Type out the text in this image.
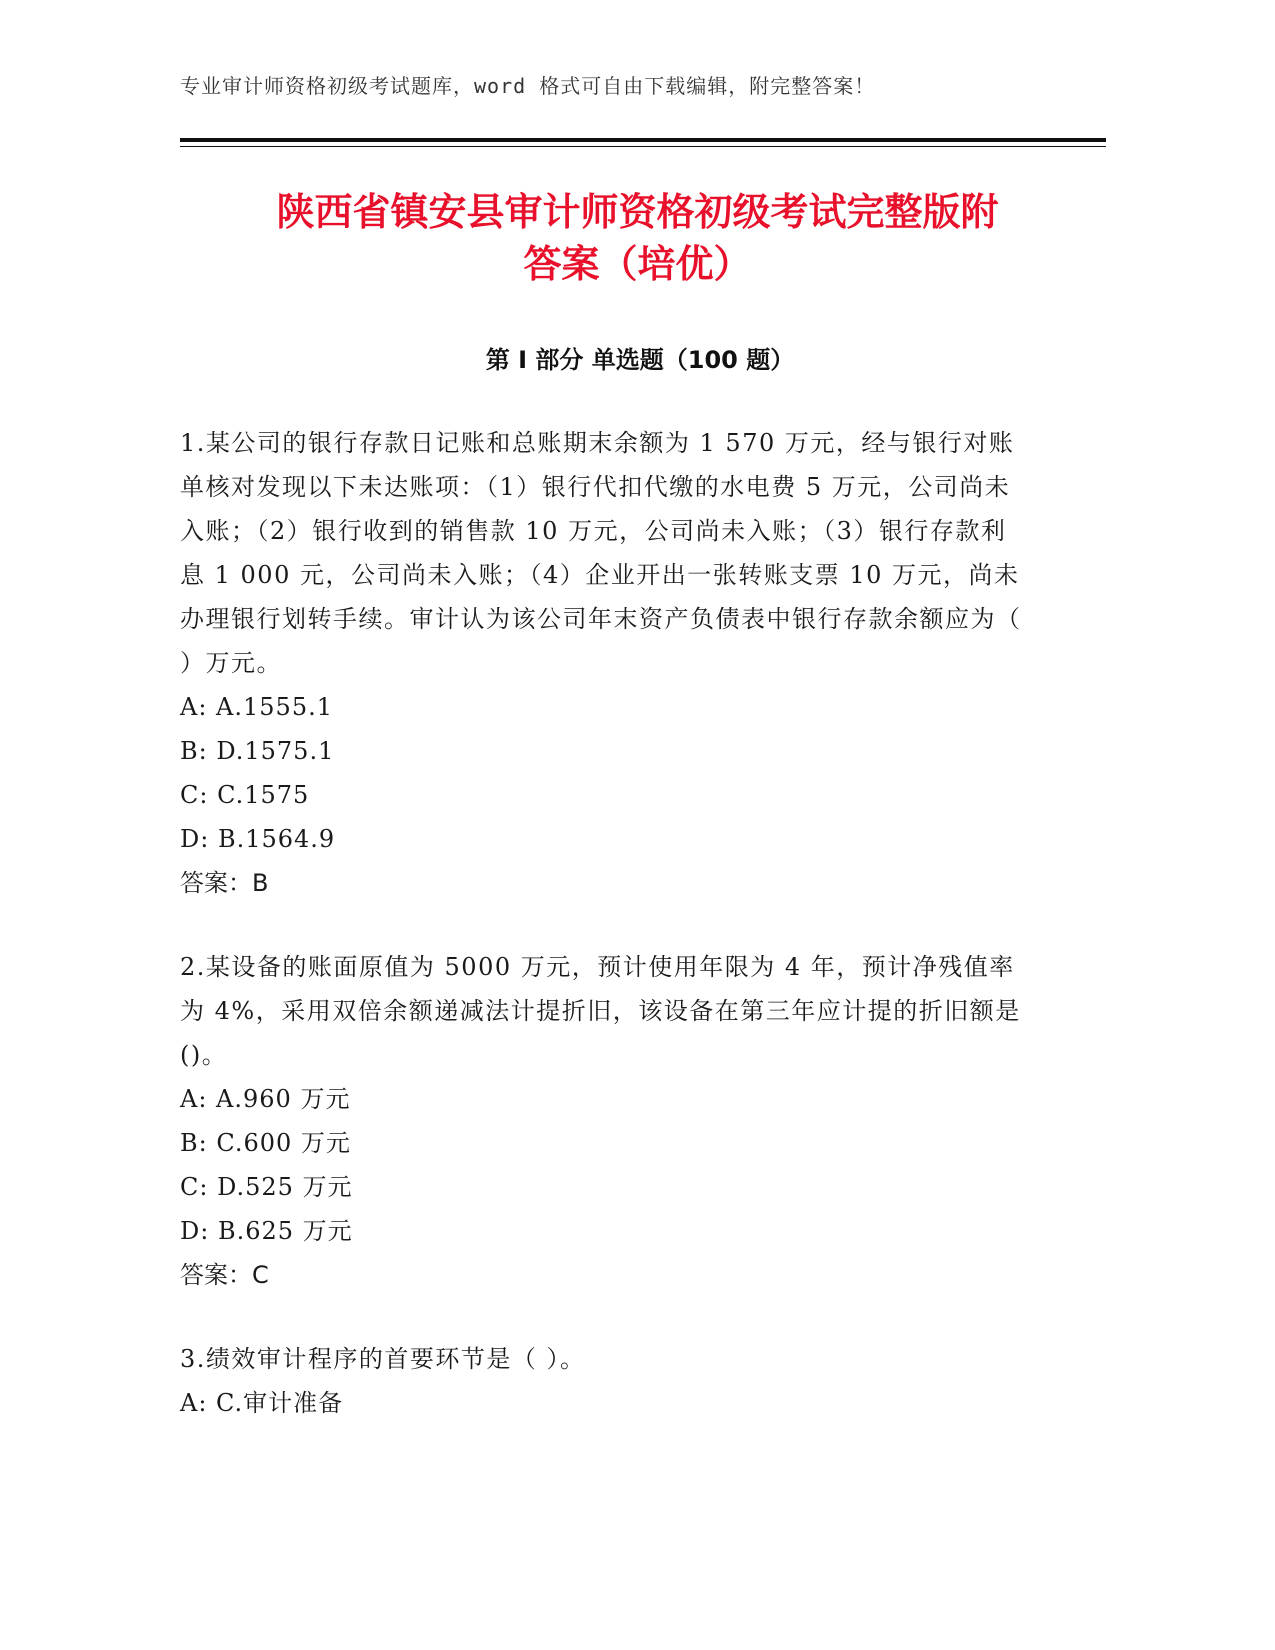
专业审计师资格初级考试题库，word 格式可自由下载编辑，附完整答案！
陕西省镇安县审计师资格初级考试完整版附
答案（培优）
第 I 部分 单选题（100 题）

1.某公司的银行存款日记账和总账期末余额为 1 570 万元，经与银行对账单核对发现以下未达账项：（1）银行代扣代缴的水电费 5 万元，公司尚未入账；（2）银行收到的销售款 10 万元，公司尚未入账；（3）银行存款利息 1 000 元，公司尚未入账；（4）企业开出一张转账支票 10 万元，尚未办理银行划转手续。审计认为该公司年末资产负债表中银行存款余额应为（ ）万元。

A: A.1555.1

B: D.1575.1

C: C.1575

D: B.1564.9

答案：B

2.某设备的账面原值为 5000 万元，预计使用年限为 4 年，预计净残值率为 4%，采用双倍余额递减法计提折旧，该设备在第三年应计提的折旧额是()。

A: A.960 万元

B: C.600 万元

C: D.525 万元

D: B.625 万元

答案：C

3.绩效审计程序的首要环节是（ ）。

A: C.审计准备
